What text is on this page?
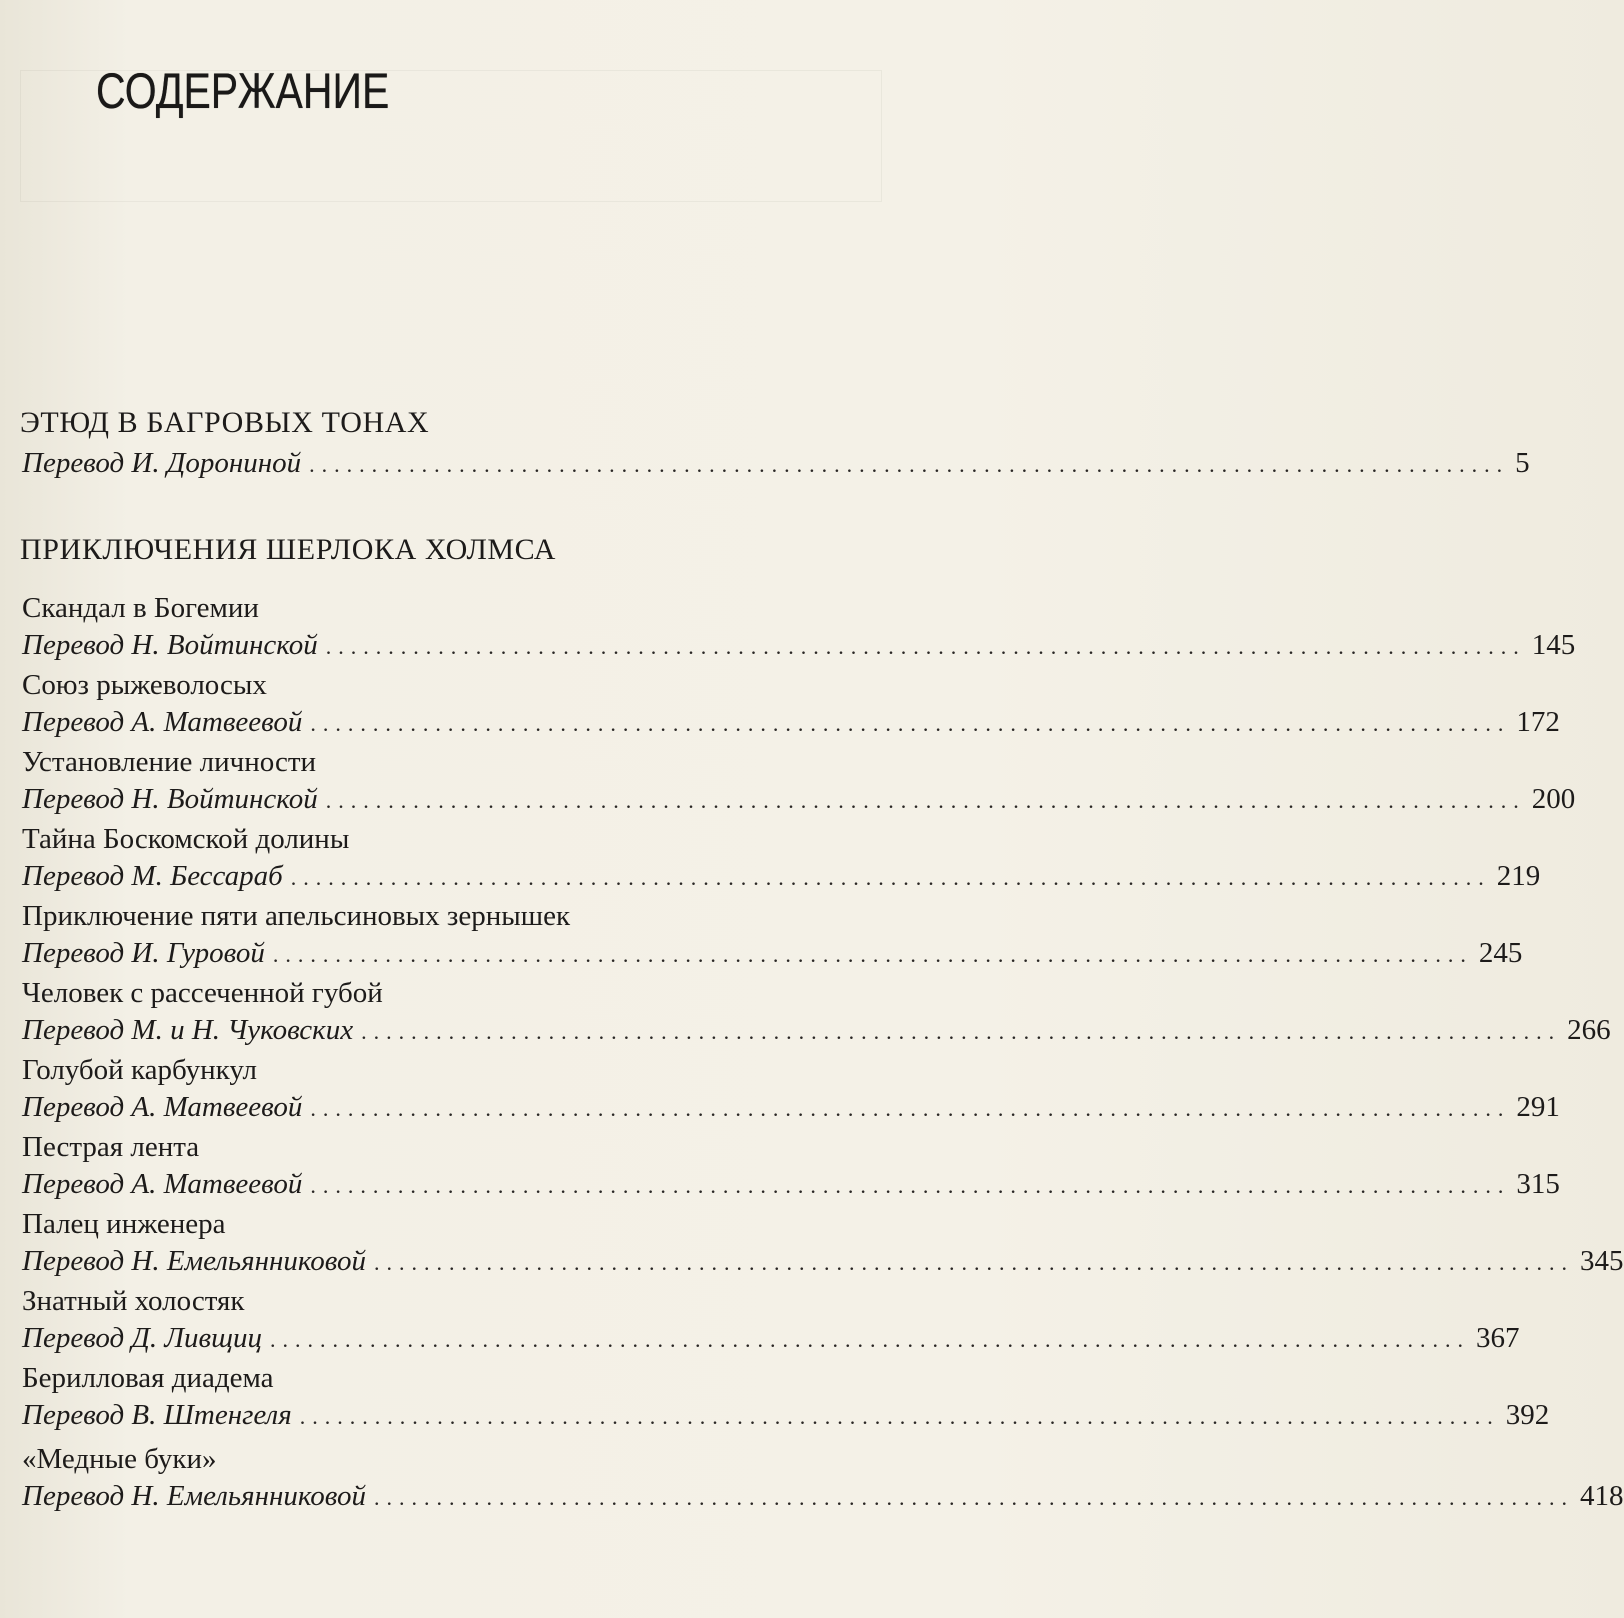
СОДЕРЖАНИЕ
ЭТЮД В БАГРОВЫХ ТОНАХ
Перевод И. Дорониной ................................................................................................ 5
ПРИКЛЮЧЕНИЯ ШЕРЛОКА ХОЛМСА
Скандал в Богемии
Перевод Н. Войтинской ................................................................................................ 145
Союз рыжеволосых
Перевод А. Матвеевой ................................................................................................ 172
Установление личности
Перевод Н. Войтинской ................................................................................................ 200
Тайна Боскомской долины
Перевод М. Бессараб ................................................................................................ 219
Приключение пяти апельсиновых зернышек
Перевод И. Гуровой ................................................................................................ 245
Человек с рассеченной губой
Перевод М. и Н. Чуковских ................................................................................................ 266
Голубой карбункул
Перевод А. Матвеевой ................................................................................................ 291
Пестрая лента
Перевод А. Матвеевой ................................................................................................ 315
Палец инженера
Перевод Н. Емельянниковой ................................................................................................ 345
Знатный холостяк
Перевод Д. Ливщиц ................................................................................................ 367
Берилловая диадема
Перевод В. Штенгеля ................................................................................................ 392
«Медные буки»
Перевод Н. Емельянниковой ................................................................................................ 418
